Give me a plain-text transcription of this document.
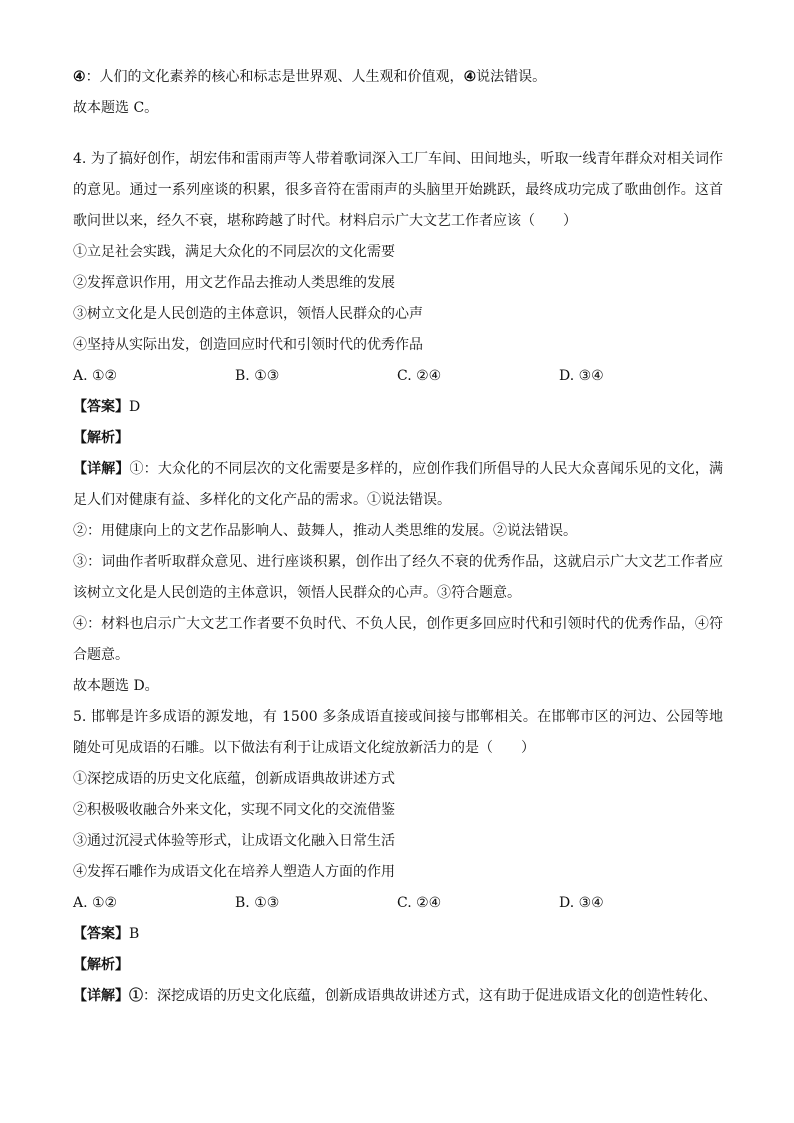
④：人们的文化素养的核心和标志是世界观、人生观和价值观，④说法错误。
故本题选 C。
4. 为了搞好创作，胡宏伟和雷雨声等人带着歌词深入工厂车间、田间地头，听取一线青年群众对相关词作的意见。通过一系列座谈的积累，很多音符在雷雨声的头脑里开始跳跃，最终成功完成了歌曲创作。这首歌问世以来，经久不衰，堪称跨越了时代。材料启示广大文艺工作者应该（　　）
①立足社会实践，满足大众化的不同层次的文化需要
②发挥意识作用，用文艺作品去推动人类思维的发展
③树立文化是人民创造的主体意识，领悟人民群众的心声
④坚持从实际出发，创造回应时代和引领时代的优秀作品
A. ①②	B. ①③	C. ②④	D. ③④
【答案】D
【解析】
【详解】①：大众化的不同层次的文化需要是多样的，应创作我们所倡导的人民大众喜闻乐见的文化，满足人们对健康有益、多样化的文化产品的需求。①说法错误。
②：用健康向上的文艺作品影响人、鼓舞人，推动人类思维的发展。②说法错误。
③：词曲作者听取群众意见、进行座谈积累，创作出了经久不衰的优秀作品，这就启示广大文艺工作者应该树立文化是人民创造的主体意识，领悟人民群众的心声。③符合题意。
④：材料也启示广大文艺工作者要不负时代、不负人民，创作更多回应时代和引领时代的优秀作品，④符合题意。
故本题选 D。
5. 邯郸是许多成语的源发地，有 1500 多条成语直接或间接与邯郸相关。在邯郸市区的河边、公园等地随处可见成语的石雕。以下做法有利于让成语文化绽放新活力的是（　　）
①深挖成语的历史文化底蕴，创新成语典故讲述方式
②积极吸收融合外来文化，实现不同文化的交流借鉴
③通过沉浸式体验等形式，让成语文化融入日常生活
④发挥石雕作为成语文化在培养人塑造人方面的作用
A. ①②	B. ①③	C. ②④	D. ③④
【答案】B
【解析】
【详解】①：深挖成语的历史文化底蕴，创新成语典故讲述方式，这有助于促进成语文化的创造性转化、
